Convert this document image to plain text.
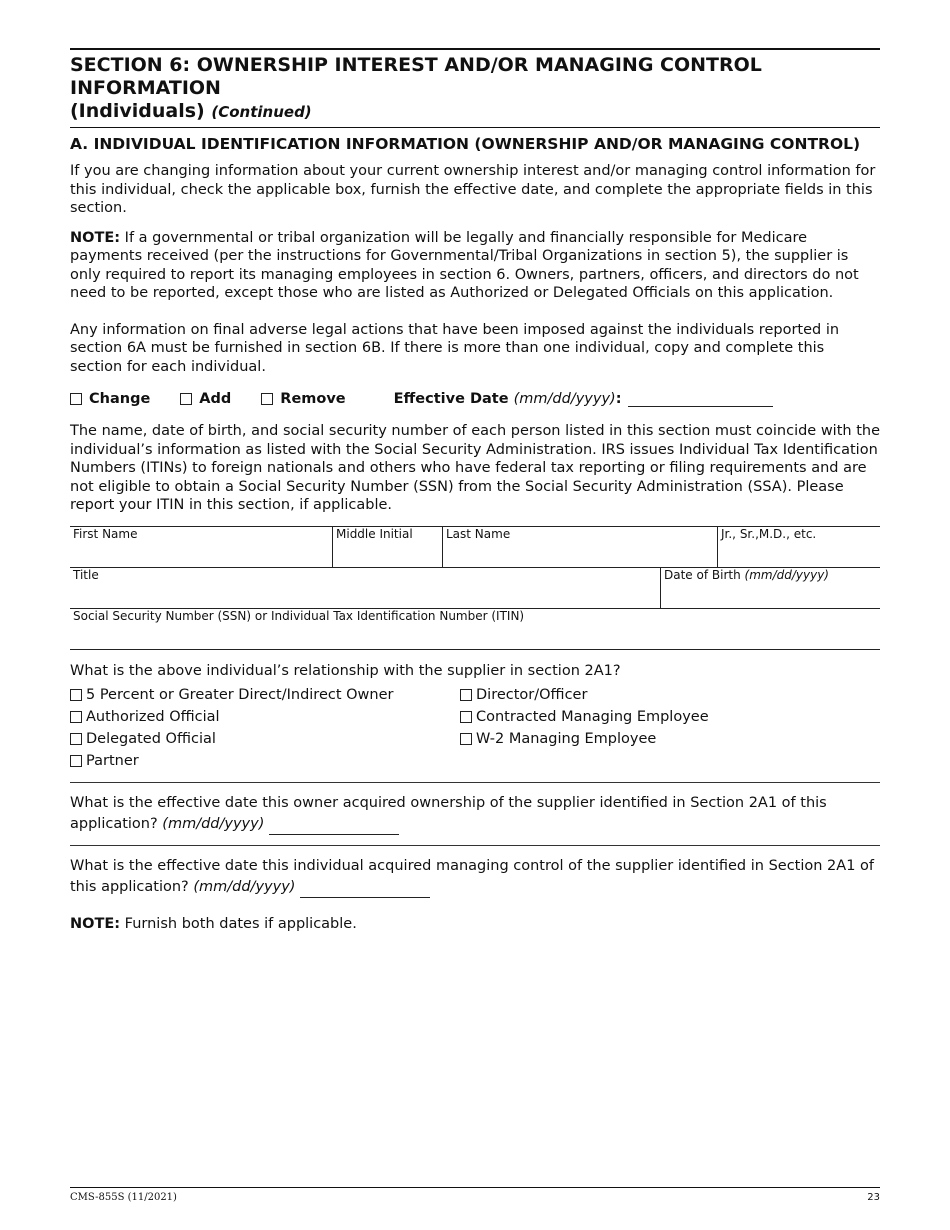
SECTION 6: OWNERSHIP INTEREST AND/OR MANAGING CONTROL INFORMATION
(Individuals) (Continued)
A. INDIVIDUAL IDENTIFICATION INFORMATION (OWNERSHIP AND/OR MANAGING CONTROL)

If you are changing information about your current ownership interest and/or managing control information for this individual, check the applicable box, furnish the effective date, and complete the appropriate fields in this section.

NOTE: If a governmental or tribal organization will be legally and financially responsible for Medicare payments received (per the instructions for Governmental/Tribal Organizations in section 5), the supplier is only required to report its managing employees in section 6. Owners, partners, officers, and directors do not need to be reported, except those who are listed as Authorized or Delegated Officials on this application.

Any information on final adverse legal actions that have been imposed against the individuals reported in section 6A must be furnished in section 6B. If there is more than one individual, copy and complete this section for each individual.

Change	Add	Remove	Effective Date (mm/dd/yyyy):

The name, date of birth, and social security number of each person listed in this section must coincide with the individual’s information as listed with the Social Security Administration. IRS issues Individual Tax Identification Numbers (ITINs) to foreign nationals and others who have federal tax reporting or filing requirements and are not eligible to obtain a Social Security Number (SSN) from the Social Security Administration (SSA). Please report your ITIN in this section, if applicable.

First Name	Middle Initial	Last Name	Jr., Sr.,M.D., etc.
Title	Date of Birth (mm/dd/yyyy)
Social Security Number (SSN) or Individual Tax Identification Number (ITIN)
What is the above individual’s relationship with the supplier in section 2A1?
5 Percent or Greater Direct/Indirect Owner	Director/Officer
Authorized Official	Contracted Managing Employee
Delegated Official	W-2 Managing Employee
Partner
What is the effective date this owner acquired ownership of the supplier identified in Section 2A1 of this application? (mm/dd/yyyy)
What is the effective date this individual acquired managing control of the supplier identified in Section 2A1 of this application? (mm/dd/yyyy)
NOTE: Furnish both dates if applicable.
CMS-855S (11/2021)	23
